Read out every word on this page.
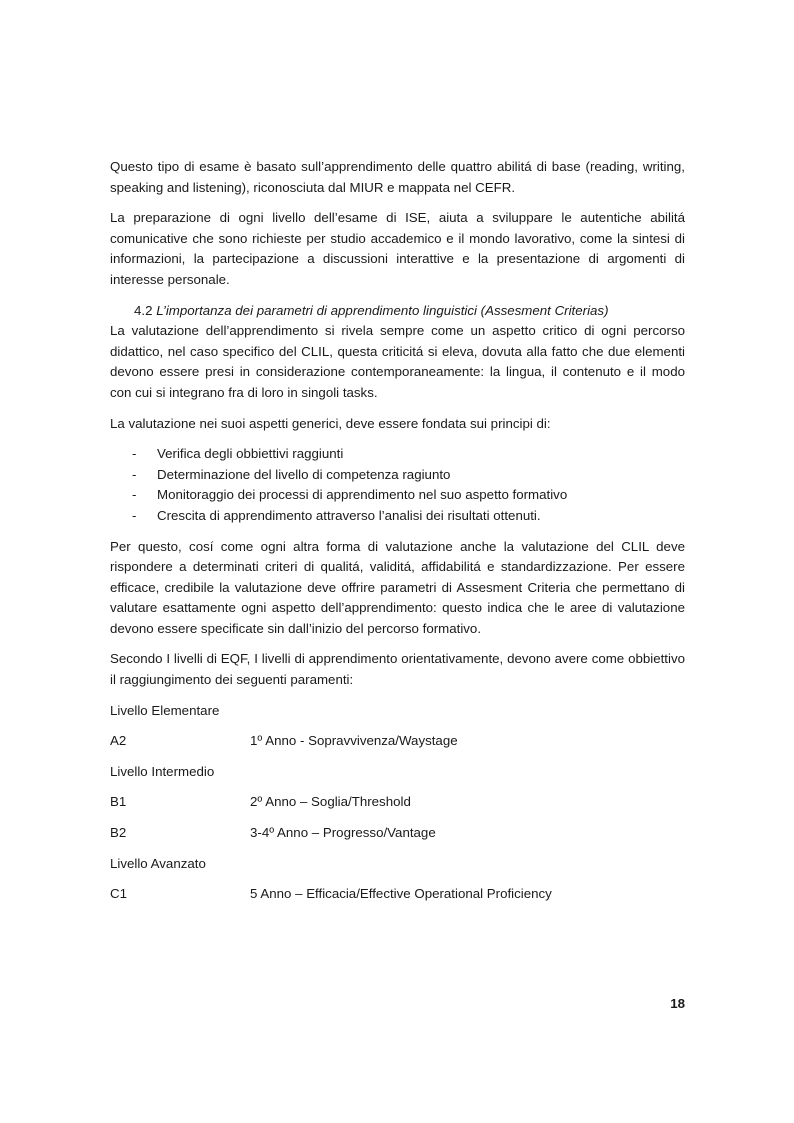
Questo tipo di esame è basato sull’apprendimento delle quattro abilitá di base (reading, writing, speaking and listening), riconosciuta dal MIUR e mappata nel CEFR.

La preparazione di ogni livello dell’esame di ISE, aiuta a sviluppare le autentiche abilitá comunicative che sono richieste per studio accademico e il mondo lavorativo, come la sintesi di informazioni, la partecipazione a discussioni interattive e la presentazione di argomenti di interesse personale.

4.2 L’importanza dei parametri di apprendimento linguistici (Assesment Criterias)

La valutazione dell’apprendimento si rivela sempre come un aspetto critico di ogni percorso didattico, nel caso specifico del CLIL, questa criticitá si eleva, dovuta alla fatto che due elementi devono essere presi in considerazione contemporaneamente: la lingua, il contenuto e il modo con cui si integrano fra di loro in singoli tasks.

La valutazione nei suoi aspetti generici, deve essere fondata sui principi di:

- Verifica degli obbiettivi raggiunti
- Determinazione del livello di competenza ragiunto
- Monitoraggio dei processi di apprendimento nel suo aspetto formativo
- Crescita di apprendimento attraverso l’analisi dei risultati ottenuti.

Per questo, cosí come ogni altra forma di valutazione anche la valutazione del CLIL deve rispondere a determinati criteri di qualitá, validitá, affidabilitá e standardizzazione. Per essere efficace, credibile la valutazione deve offrire parametri di Assesment Criteria che permettano di valutare esattamente ogni aspetto dell’apprendimento: questo indica che le aree di valutazione devono essere specificate sin dall’inizio del percorso formativo.

Secondo I livelli di EQF, I livelli di apprendimento orientativamente, devono avere come obbiettivo il raggiungimento dei seguenti paramenti:

Livello Elementare
A2	1º Anno - Sopravvivenza/Waystage
Livello Intermedio
B1	2º Anno – Soglia/Threshold
B2	3-4º Anno – Progresso/Vantage
Livello Avanzato
C1	5 Anno – Efficacia/Effective Operational Proficiency
18
